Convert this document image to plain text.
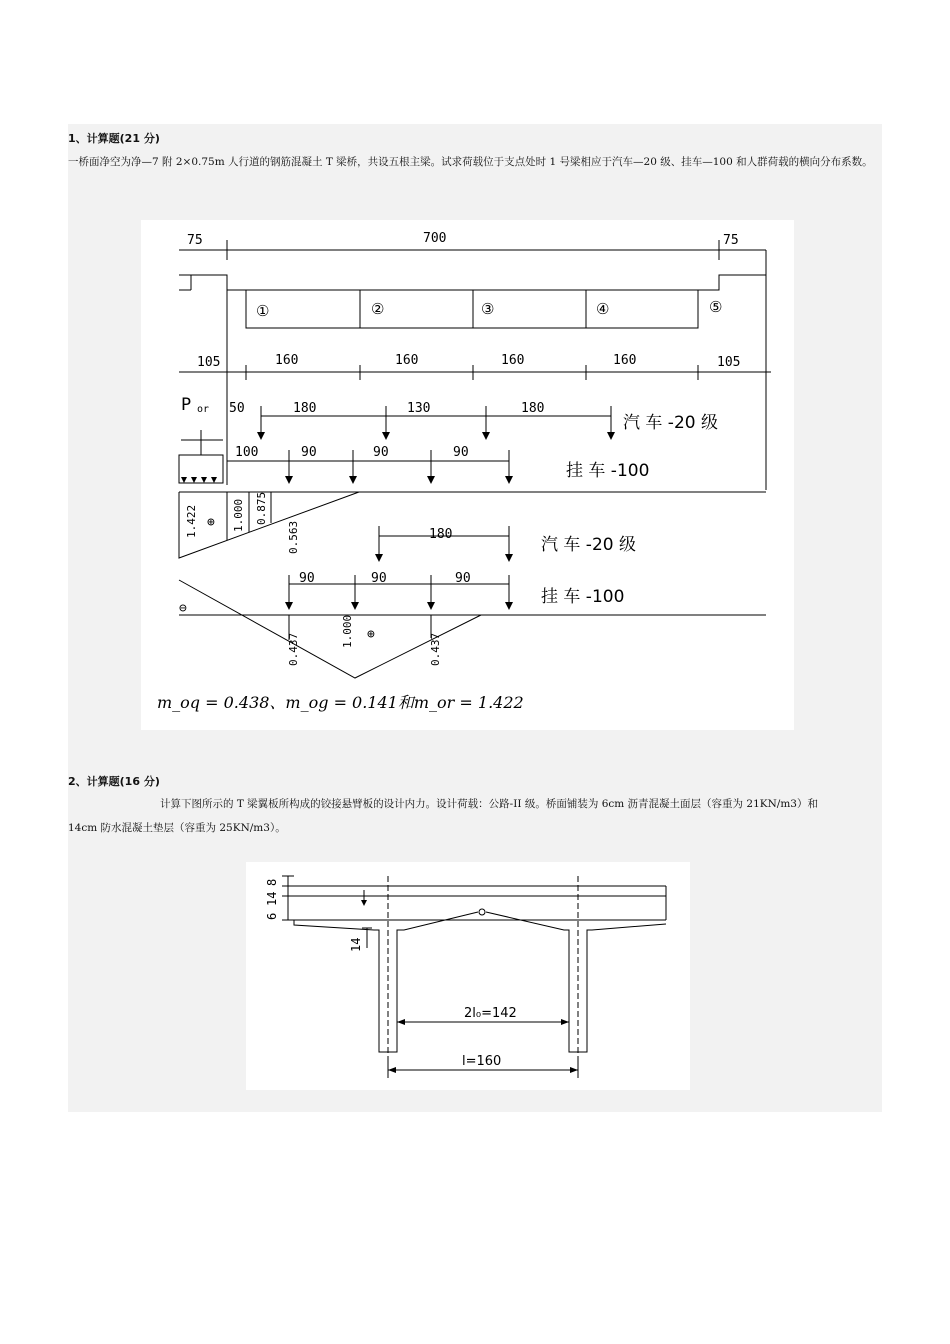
1、计算题(21 分)
一桥面净空为净—7 附 2×0.75m 人行道的钢筋混凝土 T 梁桥，共设五根主梁。试求荷载位于支点处时 1 号梁相应于汽车—20 级、挂车—100 和人群荷载的横向分布系数。
75	700	75
①	②	③	④	⑤
105	160	160	160	160	105
P or 50	180	130	180
汽 车 -20 级
100	90	90	90
挂 车 -100
1.422 ⊕ 1.000 0.875
0.563	180
汽 车 -20 级
90	90	90
挂 车 -100
⊖
0.437
1.000 ⊕	0.437
m_oq = 0.438、m_og = 0.141和m_or = 1.422
2、计算题(16 分)
计算下图所示的 T 梁翼板所构成的铰接悬臂板的设计内力。设计荷载：公路-II 级。桥面铺装为 6cm 沥青混凝土面层（容重为 21KN/m3）和
14cm 防水混凝土垫层（容重为 25KN/m3）。
8
14
6
14
2l₀=142
l=160
